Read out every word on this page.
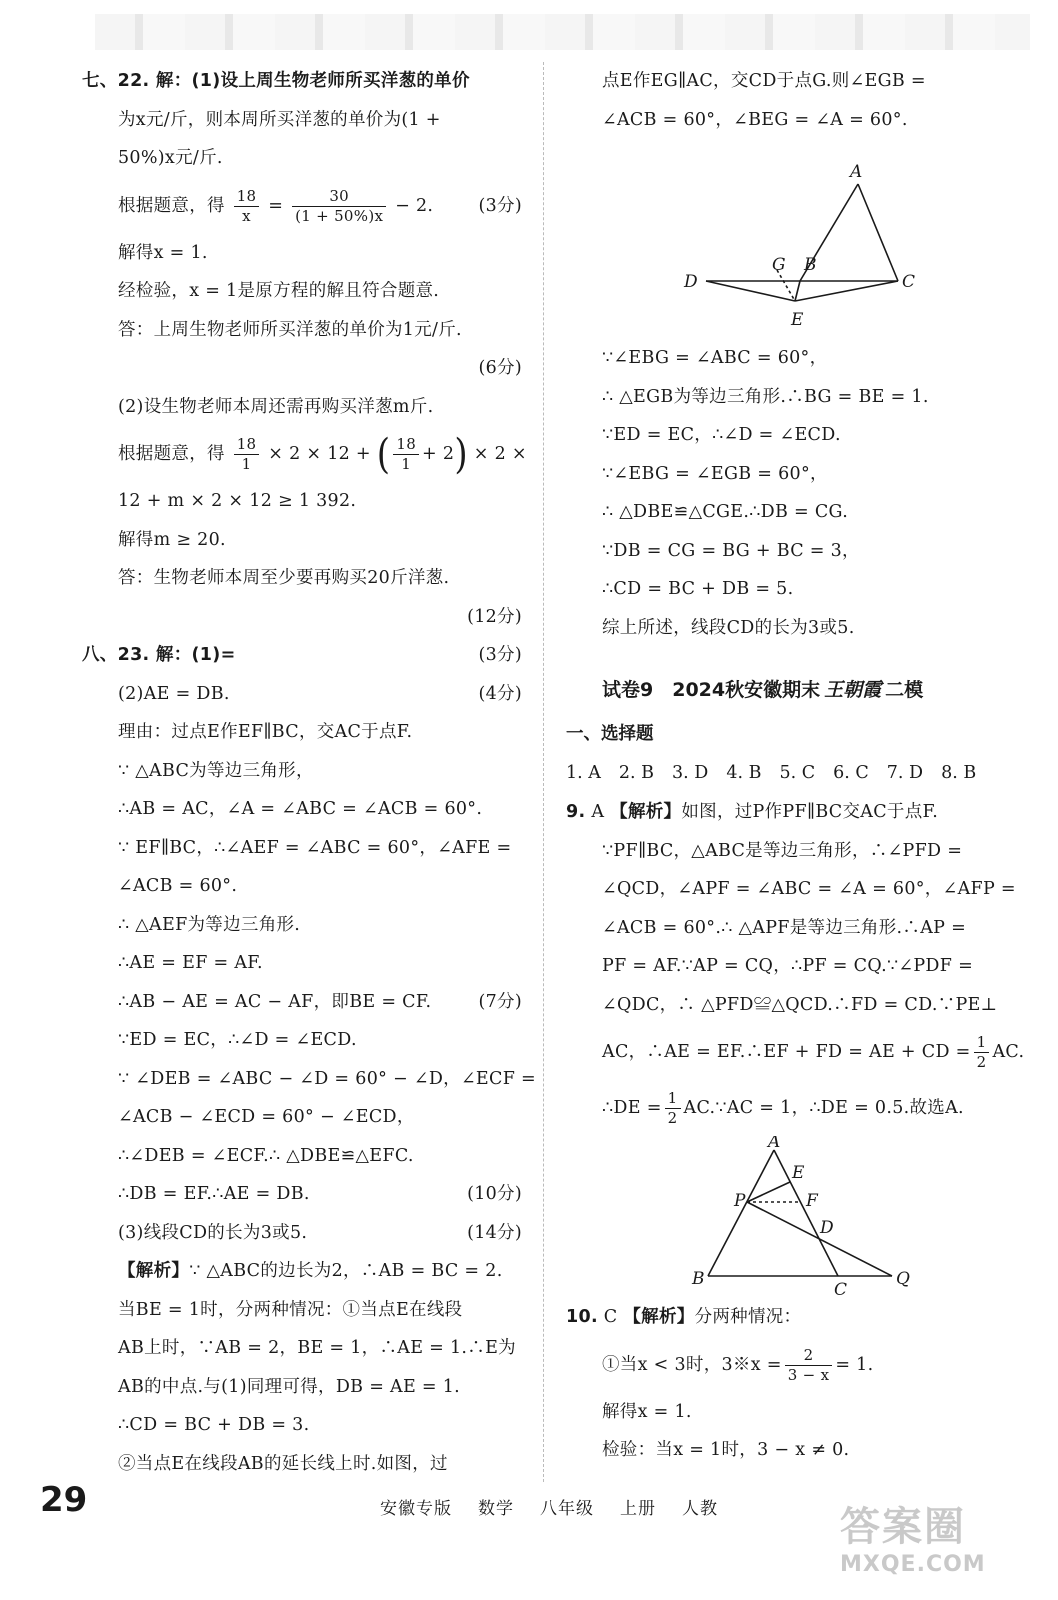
七、22. 解：(1)设上周生物老师所买洋葱的单价
为x元/斤，则本周所买洋葱的单价为(1 +
50%)x元/斤.
根据题意，得 $\frac{18}{x} = \frac{30}{(1 + 50\%)x} - 2$.	(3分)
解得x = 1.
经检验，x = 1是原方程的解且符合题意.
答：上周生物老师所买洋葱的单价为1元/斤.
(6分)
(2)设生物老师本周还需再购买洋葱m斤.
根据题意，得 $\frac{18}{1} \times 2 \times 12$ + ( $\frac{18}{1} + 2) \times 2$ ×
12 + m × 2 × 12 ≥ 1 392.
解得m ≥ 20.
答：生物老师本周至少要再购买20斤洋葱.
(12分)
八、23. 解：(1)=	(3分)
(2)AE = DB.	(4分)
理由：过点E作EF∥BC，交AC于点F.
∵ △ABC为等边三角形，
∴AB = AC，∠A = ∠ABC = ∠ACB = 60°.
∵ EF∥BC，∴∠AEF = ∠ABC = 60°，∠AFE =
∠ACB = 60°.
∴ △AEF为等边三角形.
∴AE = EF = AF.
∴AB − AE = AC − AF，即BE = CF.	(7分)
∵ED = EC，∴∠D = ∠ECD.
∵ ∠DEB = ∠ABC − ∠D = 60° − ∠D，∠ECF =
∠ACB − ∠ECD = 60° − ∠ECD，
∴∠DEB = ∠ECF.∴ △DBE≌△EFC.
∴DB = EF.∴AE = DB.	(10分)
(3)线段CD的长为3或5.	(14分)
【解析】∵ △ABC的边长为2，∴AB = BC = 2.
当BE = 1时，分两种情况：①当点E在线段
AB上时，∵AB = 2，BE = 1，∴AE = 1.∴E为
AB的中点.与(1)同理可得，DB = AE = 1.
∴CD = BC + DB = 3.
②当点E在线段AB的延长线上时.如图，过
点E作EG∥AC，交CD于点G.则∠EGB =
∠ACB = 60°，∠BEG = ∠A = 60°.
A
G B
C
D
E
∵∠EBG = ∠ABC = 60°，
∴ △EGB为等边三角形.∴BG = BE = 1.
∵ED = EC，∴∠D = ∠ECD.
∵∠EBG = ∠EGB = 60°，
∴ △DBE≌△CGE.∴DB = CG.
∵DB = CG = BG + BC = 3，
∴CD = BC + DB = 5.
综上所述，线段CD的长为3或5.
试卷9　2024秋安徽期末 王朝霞 二模
一、选择题
1. A 2. B 3. D 4. B 5. C 6. C 7. D 8. B
9. A 【解析】如图，过P作PF∥BC交AC于点F.
∵PF∥BC，△ABC是等边三角形，∴∠PFD =
∠QCD，∠APF = ∠ABC = ∠A = 60°，∠AFP =
∠ACB = 60°.∴ △APF是等边三角形.∴AP =
PF = AF.∵AP = CQ，∴PF = CQ.∵∠PDF =
∠QDC，∴ △PFD≌△QCD.∴FD = CD.∵PE⊥
AC，∴AE = EF.∴EF + FD = AE + CD = $\frac{1}{2}$ AC.
∴DE = $\frac{1}{2}$ AC.∵AC = 1，∴DE = 0.5.故选A.
A
E
P	F
D
B
C
Q
10. C 【解析】分两种情况：
①当x < 3时，3※x = $\frac{2}{3 - x} = 1$.
解得x = 1.
检验：当x = 1时，3 − x ≠ 0.
29	安徽专版 数学 八年级 上册 人教	答案圈
MXQE.COM
